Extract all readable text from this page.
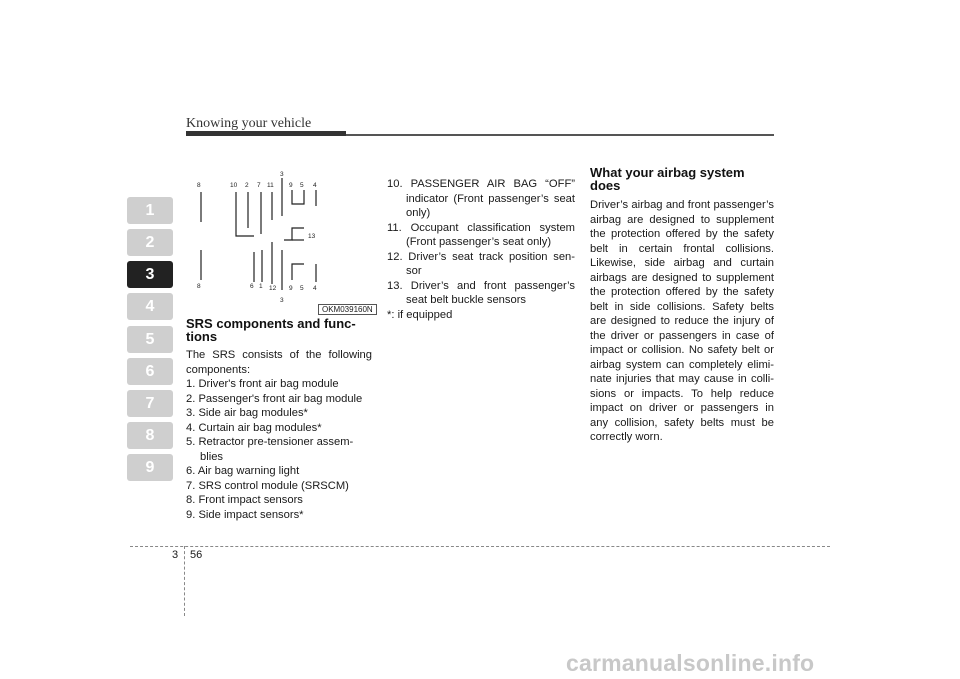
Knowing your vehicle
1
2
3
4
5
6
7
8
9
8	10 2 7 11
3
9 5 4
13
8	6 1 12 9 5 4
3
OKM039160N
SRS components and func-
tions
The SRS consists of the following components:
1. Driver's front air bag module
2. Passenger's front air bag module
3. Side air bag modules*
4. Curtain air bag modules*
5. Retractor pre-tensioner assem-blies
6. Air bag warning light
7. SRS control module (SRSCM)
8. Front impact sensors
9. Side impact sensors*
10. PASSENGER AIR BAG “OFF” indicator (Front passenger’s seat only)
11. Occupant classification system (Front passenger’s seat only)
12. Driver’s seat track position sen-sor
13. Driver’s and front passenger’s seat belt buckle sensors
*: if equipped
What your airbag system does
Driver’s airbag and front passenger’s airbag are designed to supplement the protection offered by the safety belt in certain frontal collisions. Likewise, side airbag and curtain airbags are designed to supplement the protection offered by the safety belt in side collisions. Safety belts are designed to reduce the injury of the driver or passengers in case of impact or collision. No safety belt or airbag system can completely elimi-nate injuries that may cause in colli-sions or impacts. To help reduce impact on driver or passengers in any collision, safety belts must be correctly worn.
3 56
carmanualsonline.info
